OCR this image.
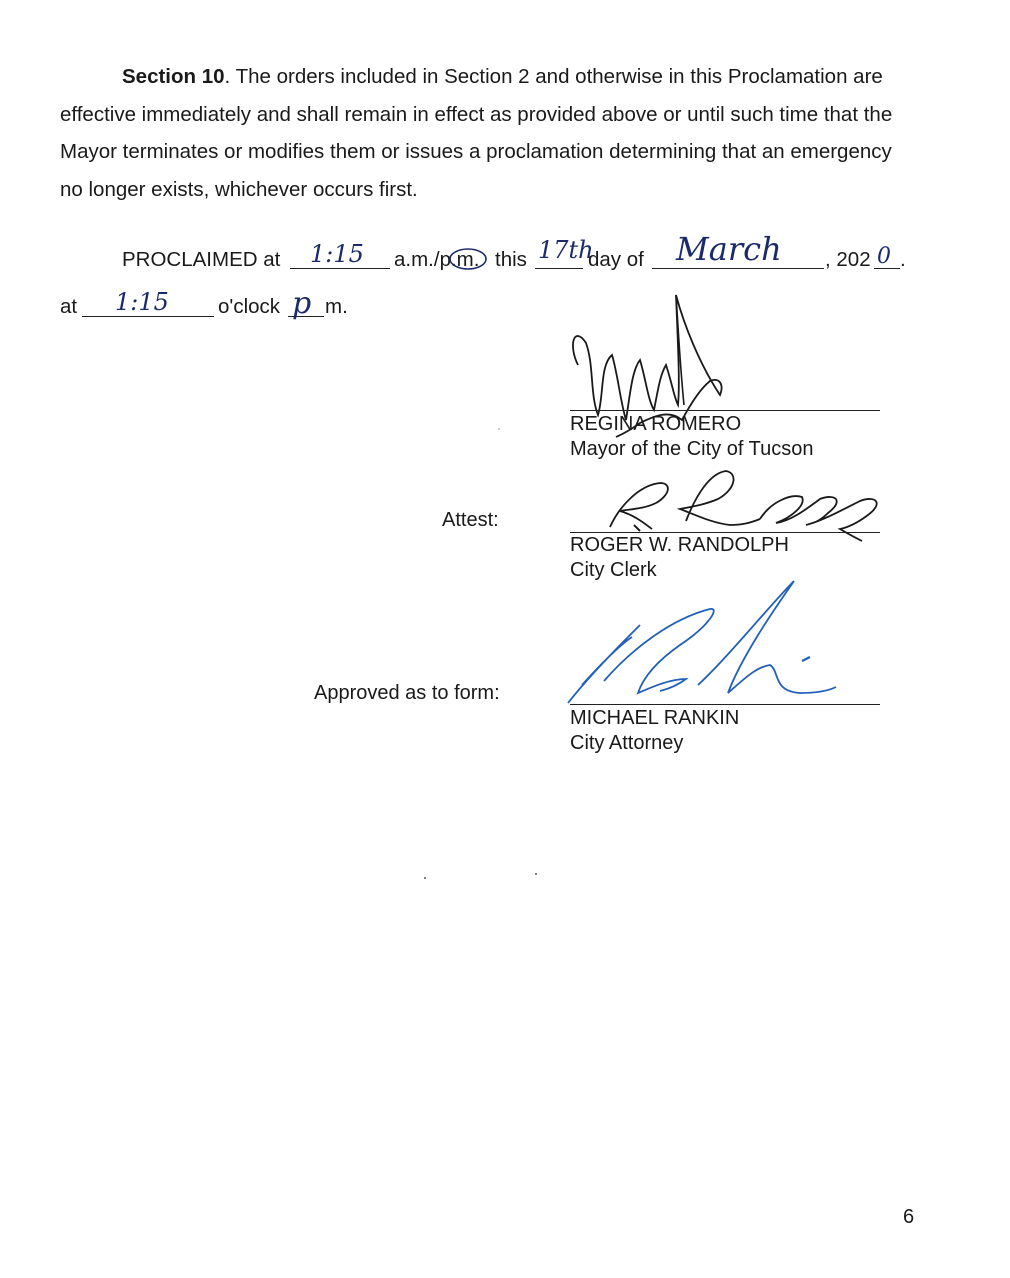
Section 10. The orders included in Section 2 and otherwise in this Proclamation are effective immediately and shall remain in effect as provided above or until such time that the Mayor terminates or modifies them or issues a proclamation determining that an emergency no longer exists, whichever occurs first.

PROCLAIMED at 1:15 a.m./p.m. this 17th
day of March , 202 0 .
at 1:15 o'clock p m.
REGINA ROMERO
Mayor of the City of Tucson
Attest:
ROGER W. RANDOLPH
City Clerk
Approved as to form:
MICHAEL RANKIN
City Attorney
6
